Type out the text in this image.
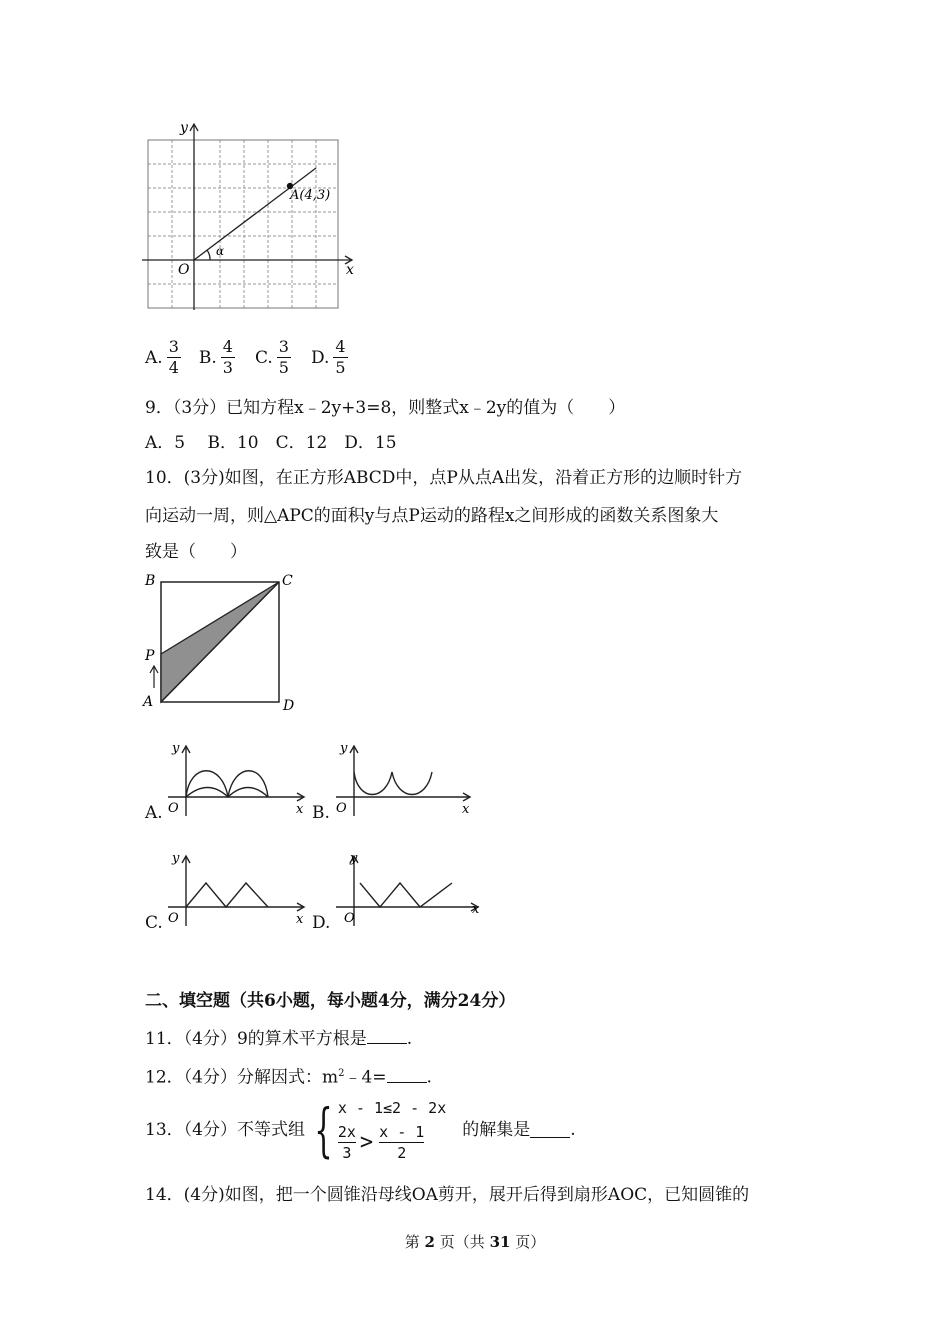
x
y
O
A(4,3)
α
A. $\frac{3}{4} B$. $\frac{4}{3} C$. $\frac{3}{5} D$. $\frac{4}{5}$
9．（3分）已知方程x﹣2y+3=8，则整式x﹣2y的值为（　　）
A．5　 B．10　C．12　D．15
10．(3分)如图，在正方形ABCD中，点P从点A出发，沿着正方形的边顺时针方
向运动一周，则△APC的面积y与点P运动的路程x之间形成的函数关系图象大
致是（　　）
B	C
P
A	D
A.
y
x
O	B.
y
x
O
C.
y
x
O	D.
y
x
O
二、填空题（共6小题，每小题4分，满分24分）
11．（4分）9的算术平方根是 .
12．（4分）分解因式：$m^2﹣4=$ .
13．（4分）不等式组 { x - 1≤2 - 2x
$\frac{2x}{3} > \frac{x - 1}{2}$ 的解集是 .
14．(4分)如图，把一个圆锥沿母线OA剪开，展开后得到扇形AOC，已知圆锥的
第 2 页（共 31 页）
